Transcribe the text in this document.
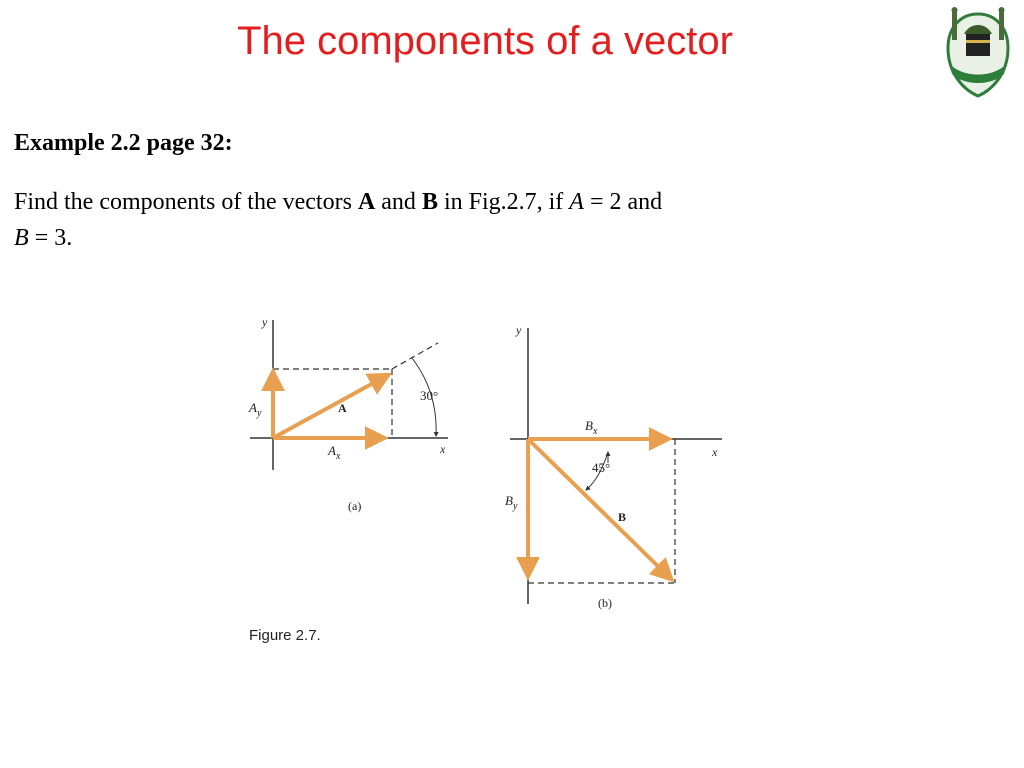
The components of a vector
Example 2.2 page 32:
Find the components of the vectors A and B in Fig.2.7, if A = 2 and
B = 3.
y
x
30°
A
$A_y$
$A_x$
(a)
y
x
45°
B
$B_x$
$B_y$
(b)
Figure 2.7.
